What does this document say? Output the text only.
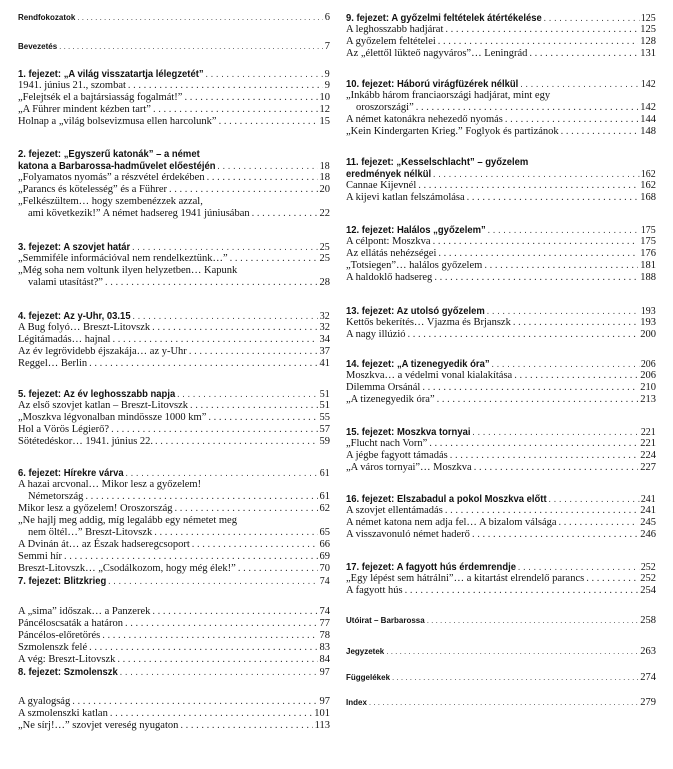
Rendfokozatok . . .	6
Bevezetés . . .	7
1. fejezet: „A világ visszatartja lélegzetét” . . .	9
1941. június 21., szombat . . .	9
„Felejtsék el a bajtársiasság fogalmát!” . . .	10
„A Führer mindent kézben tart” . . .	12
Holnap a „világ bolsevizmusa ellen harcolunk” . . .	15
2. fejezet: „Egyszerű katonák” – a német
katona a Barbarossa-hadművelet előestéjén . . .	18
„Folyamatos nyomás” a részvétel érdekében . . .	18
„Parancs és kötelesség” és a Führer . . .	20
„Felkészültem… hogy szembenézzek azzal,
ami következik!” A német hadsereg 1941 júniusában . . .	22
3. fejezet: A szovjet határ . . .	25
„Semmiféle információval nem rendelkeztünk…” . . .	25
„Még soha nem voltunk ilyen helyzetben… Kapunk
valami utasítást?” . . .	28
4. fejezet: Az y-Uhr, 03.15 . . .	32
A Bug folyó… Breszt-Litovszk . . .	32
Légitámadás… hajnal . . .	34
Az év legrövidebb éjszakája… az y-Uhr . . .	37
Reggel… Berlin . . .	41
5. fejezet: Az év leghosszabb napja . . .	51
Az első szovjet katlan – Breszt-Litovszk . . .	51
„Moszkva légvonalban mindössze 1000 km” . . .	55
Hol a Vörös Légierő? . . .	57
Sötétedéskor… 1941. június 22. . . .	59
6. fejezet: Hírekre várva . . .	61
A hazai arcvonal… Mikor lesz a győzelem!
Németország . . .	61
Mikor lesz a győzelem! Oroszország . . .	62
„Ne hajlj meg addig, míg legalább egy németet meg
nem öltél…” Breszt-Litovszk . . .	65
A Dvinán át… az Észak hadseregcsoport . . .	66
Semmi hír . . .	69
Breszt-Litovszk… „Csodálkozom, hogy még élek!” . . .	70
7. fejezet: Blitzkrieg . . .	74
A „sima” időszak… a Panzerek . . .	74
Páncéloscsaták a határon . . .	77
Páncélos-előretörés . . .	78
Szmolenszk felé . . .	83
A vég: Breszt-Litovszk . . .	84
8. fejezet: Szmolenszk . . .	97
A gyalogság . . .	97
A szmolenszki katlan . . .	101
„Ne sírj!…” szovjet vereség nyugaton . . .	113
9. fejezet: A győzelmi feltételek átértékelése . . .	125
A leghosszabb hadjárat . . .	125
A győzelem feltételei . . .	128
Az „élettől lükteő nagyváros”… Leningrád . . .	131
10. fejezet: Háború virágfüzérek nélkül . . .	142
„Inkább három franciaországi hadjárat, mint egy
oroszországi” . . .	142
A német katonákra nehezedő nyomás . . .	144
„Kein Kindergarten Krieg.” Foglyok és partizánok . . .	148
11. fejezet: „Kesselschlacht” – győzelem
eredmények nélkül . . .	162
Cannae Kijevnél . . .	162
A kijevi katlan felszámolása . . .	168
12. fejezet: Halálos „győzelem” . . .	175
A célpont: Moszkva . . .	175
Az ellátás nehézségei . . .	176
„Totsiegen”… halálos győzelem . . .	181
A haldoklő hadsereg . . .	188
13. fejezet: Az utolsó győzelem . . .	193
Kettős bekerítés… Vjazma és Brjanszk . . .	193
A nagy illúzió . . .	200
14. fejezet: „A tizenegyedik óra” . . .	206
Moszkva… a védelmi vonal kialakítása . . .	206
Dilemma Orsánál . . .	210
„A tizenegyedik óra” . . .	213
15. fejezet: Moszkva tornyai . . .	221
„Flucht nach Vorn” . . .	221
A jégbe fagyott támadás . . .	224
„A város tornyai”… Moszkva . . .	227
16. fejezet: Elszabadul a pokol Moszkva előtt . . .	241
A szovjet ellentámadás . . .	241
A német katona nem adja fel… A bizalom válsága . . .	245
A visszavonuló német haderő . . .	246
17. fejezet: A fagyott hús érdemrendje . . .	252
„Egy lépést sem hátrálni”… a kitartást elrendelő parancs . . .	252
A fagyott hús . . .	254
Utóirat – Barbarossa . . .	258
Jegyzetek . . .	263
Függelékek . . .	274
Index . . .	279
